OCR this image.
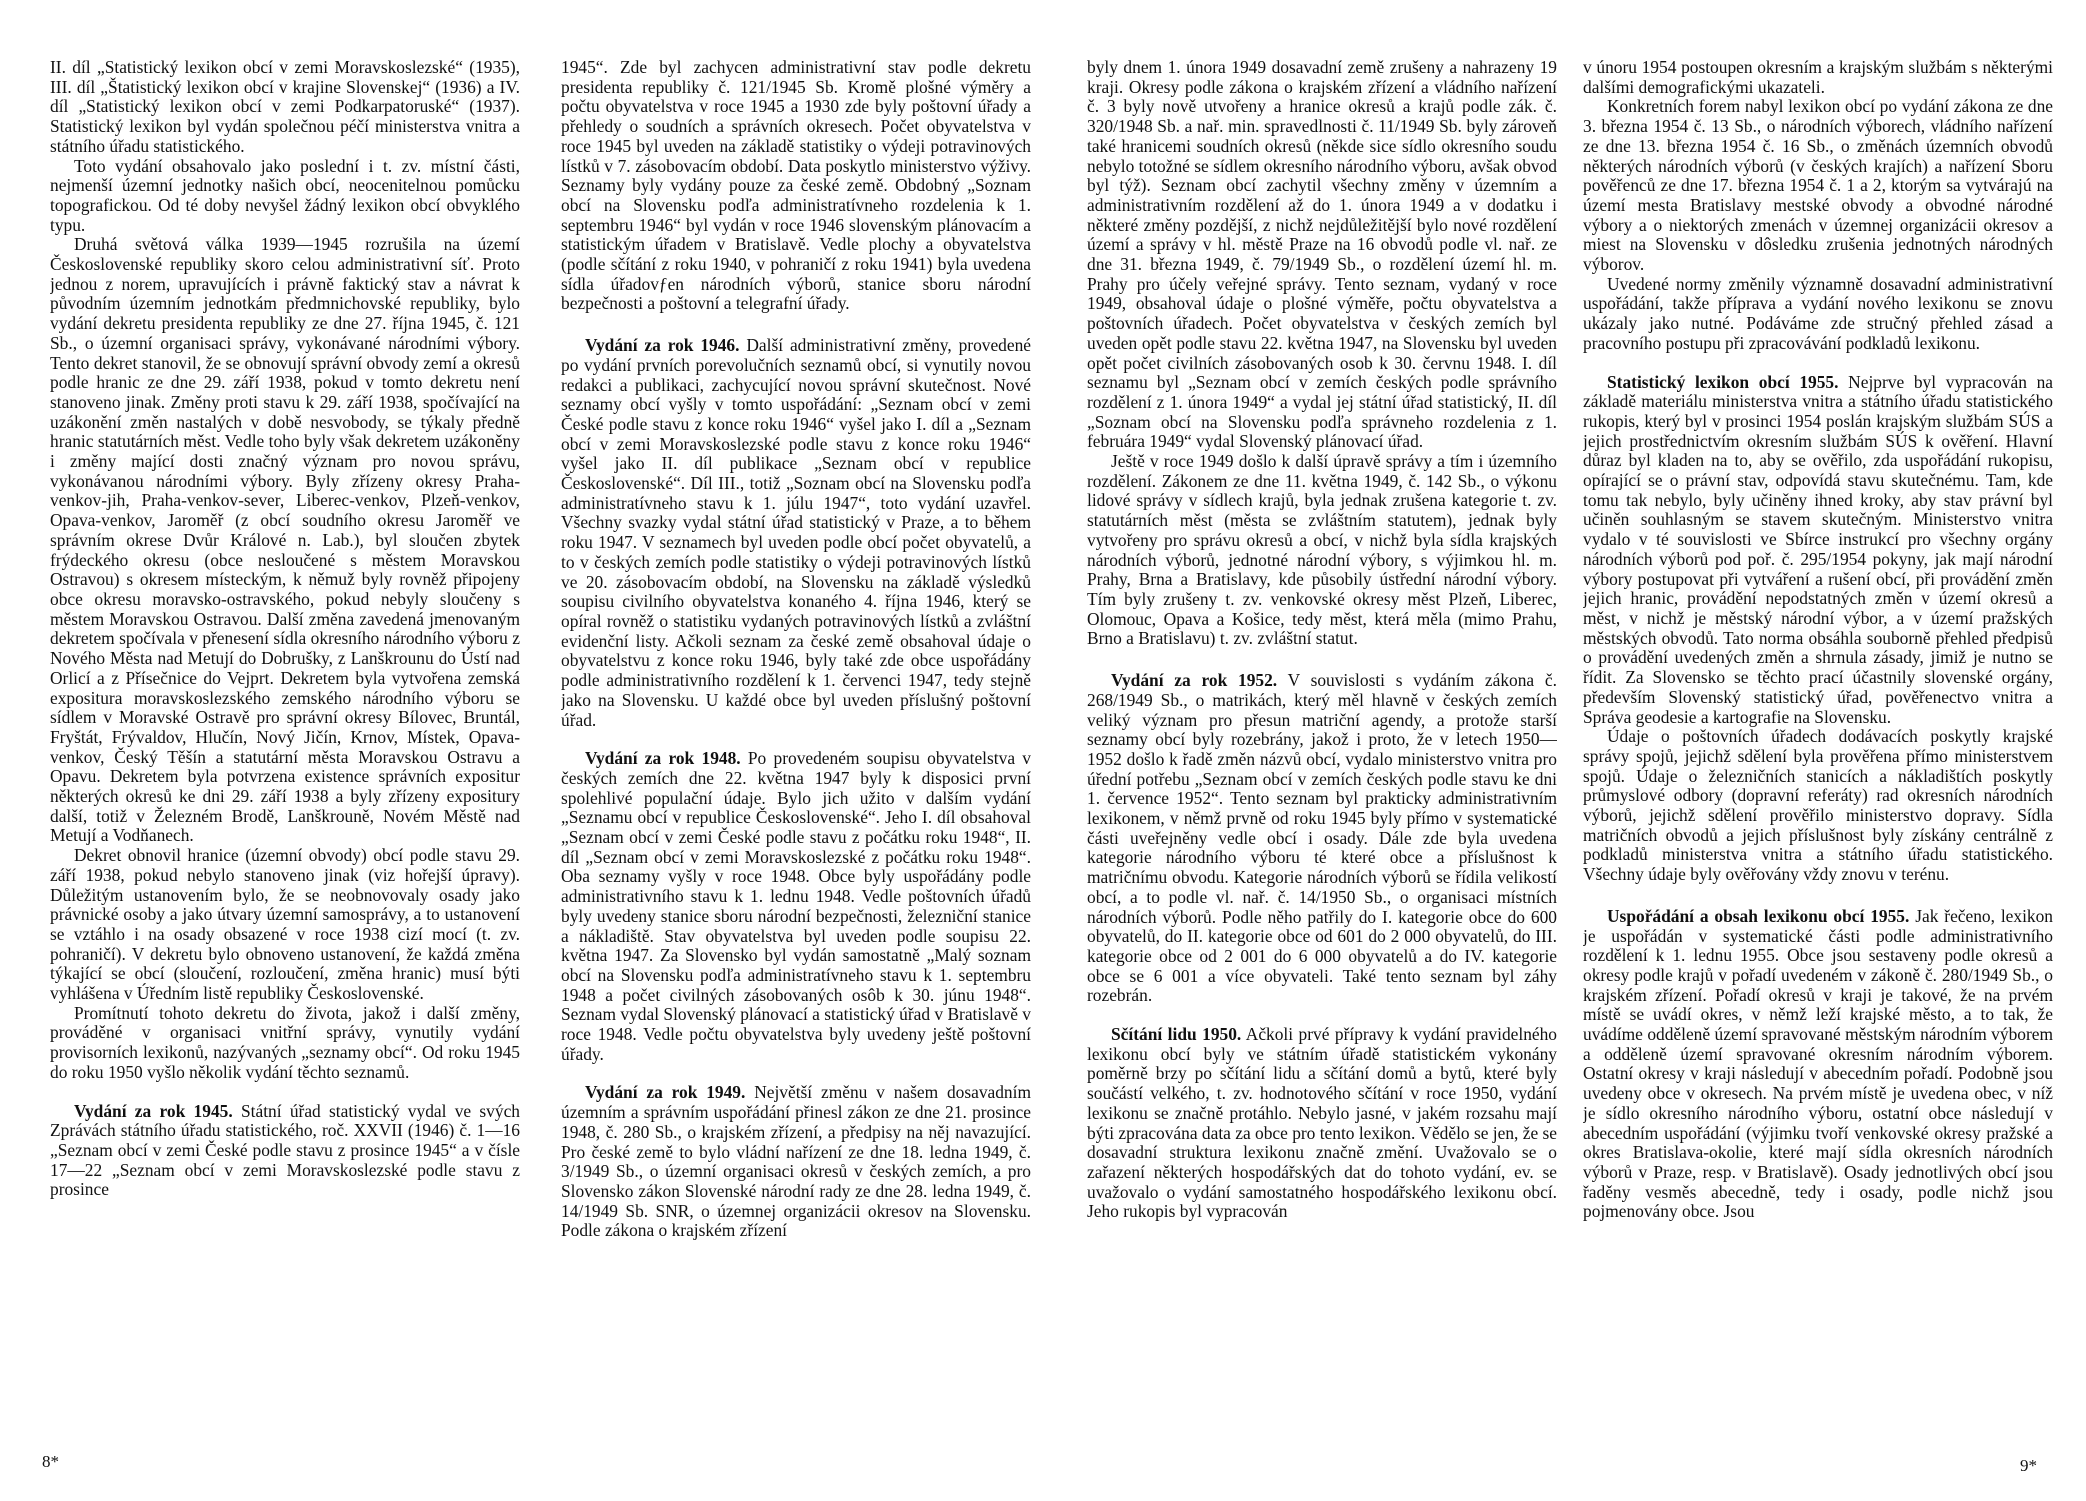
II. díl „Statistický lexikon obcí v zemi Moravskoslezské“ (1935), III. díl „Štatistický lexikon obcí v krajine Slovenskej“ (1936) a IV. díl „Statistický lexikon obcí v zemi Podkarpatoruské“ (1937). Statistický lexikon byl vydán společnou péčí ministerstva vnitra a státního úřadu statistického.

Toto vydání obsahovalo jako poslední i t. zv. místní části, nejmenší územní jednotky našich obcí, neocenitelnou pomůcku topografickou. Od té doby nevyšel žádný lexikon obcí obvyklého typu.

Druhá světová válka 1939—1945 rozrušila na území Československé republiky skoro celou administrativní síť. Proto jednou z norem, upravujících i právně faktický stav a návrat k původním územním jednotkám předmnichovské republiky, bylo vydání dekretu presidenta republiky ze dne 27. října 1945, č. 121 Sb., o územní organisaci správy, vykonávané národními výbory. Tento dekret stanovil, že se obnovují správní obvody zemí a okresů podle hranic ze dne 29. září 1938, pokud v tomto dekretu není stanoveno jinak. Změny proti stavu k 29. září 1938, spočívající na uzákonění změn nastalých v době nesvobody, se týkaly předně hranic statutárních měst. Vedle toho byly však dekretem uzákoněny i změny mající dosti značný význam pro novou správu, vykonávanou národními výbory. Byly zřízeny okresy Praha-venkov-jih, Praha-venkov-sever, Liberec-venkov, Plzeň-venkov, Opava-venkov, Jaroměř (z obcí soudního okresu Jaroměř ve správním okrese Dvůr Králové n. Lab.), byl sloučen zbytek frýdeckého okresu (obce nesloučené s městem Moravskou Ostravou) s okresem místeckým, k němuž byly rovněž připojeny obce okresu moravsko-ostravského, pokud nebyly sloučeny s městem Moravskou Ostravou. Další změna zavedená jmenovaným dekretem spočívala v přenesení sídla okresního národního výboru z Nového Města nad Metují do Dobrušky, z Lanškrounu do Ústí nad Orlicí a z Přísečnice do Vejprt. Dekretem byla vytvořena zemská expositura moravskoslezského zemského národního výboru se sídlem v Moravské Ostravě pro správní okresy Bílovec, Bruntál, Fryštát, Frývaldov, Hlučín, Nový Jičín, Krnov, Místek, Opava-venkov, Český Těšín a statutární města Moravskou Ostravu a Opavu. Dekretem byla potvrzena existence správních expositur některých okresů ke dni 29. září 1938 a byly zřízeny expositury další, totiž v Železném Brodě, Lanškrouně, Novém Městě nad Metují a Vodňanech.

Dekret obnovil hranice (územní obvody) obcí podle stavu 29. září 1938, pokud nebylo stanoveno jinak (viz hořejší úpravy). Důležitým ustanovením bylo, že se neobnovovaly osady jako právnické osoby a jako útvary územní samosprávy, a to ustanovení se vztáhlo i na osady obsazené v roce 1938 cizí mocí (t. zv. pohraničí). V dekretu bylo obnoveno ustanovení, že každá změna týkající se obcí (sloučení, rozloučení, změna hranic) musí býti vyhlášena v Úředním listě republiky Československé.

Promítnutí tohoto dekretu do života, jakož i další změny, prováděné v organisaci vnitřní správy, vynutily vydání provisorních lexikonů, nazývaných „seznamy obcí“. Od roku 1945 do roku 1950 vyšlo několik vydání těchto seznamů.

Vydání za rok 1945. Státní úřad statistický vydal ve svých Zprávách státního úřadu statistického, roč. XXVII (1946) č. 1—16 „Seznam obcí v zemi České podle stavu z prosince 1945“ a v čísle 17—22 „Seznam obcí v zemi Moravskoslezské podle stavu z prosince

1945“. Zde byl zachycen administrativní stav podle dekretu presidenta republiky č. 121/1945 Sb. Kromě plošné výměry a počtu obyvatelstva v roce 1945 a 1930 zde byly poštovní úřady a přehledy o soudních a správních okresech. Počet obyvatelstva v roce 1945 byl uveden na základě statistiky o výdeji potravinových lístků v 7. zásobovacím období. Data poskytlo ministerstvo výživy. Seznamy byly vydány pouze za české země. Obdobný „Soznam obcí na Slovensku podľa administratívneho rozdelenia k 1. septembru 1946“ byl vydán v roce 1946 slovenským plánovacím a statistickým úřadem v Bratislavě. Vedle plochy a obyvatelstva (podle sčítání z roku 1940, v pohraničí z roku 1941) byla uvedena sídla úřadovƒen národních výborů, stanice sboru národní bezpečnosti a poštovní a telegrafní úřady.

Vydání za rok 1946. Další administrativní změny, provedené po vydání prvních porevolučních seznamů obcí, si vynutily novou redakci a publikaci, zachycující novou správní skutečnost. Nové seznamy obcí vyšly v tomto uspořádání: „Seznam obcí v zemi České podle stavu z konce roku 1946“ vyšel jako I. díl a „Seznam obcí v zemi Moravskoslezské podle stavu z konce roku 1946“ vyšel jako II. díl publikace „Seznam obcí v republice Československé“. Díl III., totiž „Soznam obcí na Slovensku podľa administratívneho stavu k 1. júlu 1947“, toto vydání uzavřel. Všechny svazky vydal státní úřad statistický v Praze, a to během roku 1947. V seznamech byl uveden podle obcí počet obyvatelů, a to v českých zemích podle statistiky o výdeji potravinových lístků ve 20. zásobovacím období, na Slovensku na základě výsledků soupisu civilního obyvatelstva konaného 4. října 1946, který se opíral rovněž o statistiku vydaných potravinových lístků a zvláštní evidenční listy. Ačkoli seznam za české země obsahoval údaje o obyvatelstvu z konce roku 1946, byly také zde obce uspořádány podle administrativního rozdělení k 1. červenci 1947, tedy stejně jako na Slovensku. U každé obce byl uveden příslušný poštovní úřad.

Vydání za rok 1948. Po provedeném soupisu obyvatelstva v českých zemích dne 22. května 1947 byly k disposici první spolehlivé populační údaje. Bylo jich užito v dalším vydání „Seznamu obcí v republice Československé“. Jeho I. díl obsahoval „Seznam obcí v zemi České podle stavu z počátku roku 1948“, II. díl „Seznam obcí v zemi Moravskoslezské z počátku roku 1948“. Oba seznamy vyšly v roce 1948. Obce byly uspořádány podle administrativního stavu k 1. lednu 1948. Vedle poštovních úřadů byly uvedeny stanice sboru národní bezpečnosti, železniční stanice a nákladiště. Stav obyvatelstva byl uveden podle soupisu 22. května 1947. Za Slovensko byl vydán samostatně „Malý soznam obcí na Slovensku podľa administratívneho stavu k 1. septembru 1948 a počet civilných zásobovaných osôb k 30. júnu 1948“. Seznam vydal Slovenský plánovací a statistický úřad v Bratislavě v roce 1948. Vedle počtu obyvatelstva byly uvedeny ještě poštovní úřady.

Vydání za rok 1949. Největší změnu v našem dosavadním územním a správním uspořádání přinesl zákon ze dne 21. prosince 1948, č. 280 Sb., o krajském zřízení, a předpisy na něj navazující. Pro české země to bylo vládní nařízení ze dne 18. ledna 1949, č. 3/1949 Sb., o územní organisaci okresů v českých zemích, a pro Slovensko zákon Slovenské národní rady ze dne 28. ledna 1949, č. 14/1949 Sb. SNR, o územnej organizácii okresov na Slovensku. Podle zákona o krajském zřízení

byly dnem 1. února 1949 dosavadní země zrušeny a nahrazeny 19 kraji. Okresy podle zákona o krajském zřízení a vládního nařízení č. 3 byly nově utvořeny a hranice okresů a krajů podle zák. č. 320/1948 Sb. a nař. min. spravedlnosti č. 11/1949 Sb. byly zároveň také hranicemi soudních okresů (někde sice sídlo okresního soudu nebylo totožné se sídlem okresního národního výboru, avšak obvod byl týž). Seznam obcí zachytil všechny změny v územním a administrativním rozdělení až do 1. února 1949 a v dodatku i některé změny pozdější, z nichž nejdůležitější bylo nové rozdělení území a správy v hl. městě Praze na 16 obvodů podle vl. nař. ze dne 31. března 1949, č. 79/1949 Sb., o rozdělení území hl. m. Prahy pro účely veřejné správy. Tento seznam, vydaný v roce 1949, obsahoval údaje o plošné výměře, počtu obyvatelstva a poštovních úřadech. Počet obyvatelstva v českých zemích byl uveden opět podle stavu 22. května 1947, na Slovensku byl uveden opět počet civilních zásobovaných osob k 30. červnu 1948. I. díl seznamu byl „Seznam obcí v zemích českých podle správního rozdělení z 1. února 1949“ a vydal jej státní úřad statistický, II. díl „Soznam obcí na Slovensku podľa správneho rozdelenia z 1. februára 1949“ vydal Slovenský plánovací úřad.

Ještě v roce 1949 došlo k další úpravě správy a tím i územního rozdělení. Zákonem ze dne 11. května 1949, č. 142 Sb., o výkonu lidové správy v sídlech krajů, byla jednak zrušena kategorie t. zv. statutárních měst (města se zvláštním statutem), jednak byly vytvořeny pro správu okresů a obcí, v nichž byla sídla krajských národních výborů, jednotné národní výbory, s výjimkou hl. m. Prahy, Brna a Bratislavy, kde působily ústřední národní výbory. Tím byly zrušeny t. zv. venkovské okresy měst Plzeň, Liberec, Olomouc, Opava a Košice, tedy měst, která měla (mimo Prahu, Brno a Bratislavu) t. zv. zvláštní statut.

Vydání za rok 1952. V souvislosti s vydáním zákona č. 268/1949 Sb., o matrikách, který měl hlavně v českých zemích veliký význam pro přesun matriční agendy, a protože starší seznamy obcí byly rozebrány, jakož i proto, že v letech 1950—1952 došlo k řadě změn názvů obcí, vydalo ministerstvo vnitra pro úřední potřebu „Seznam obcí v zemích českých podle stavu ke dni 1. července 1952“. Tento seznam byl prakticky administrativním lexikonem, v němž prvně od roku 1945 byly přímo v systematické části uveřejněny vedle obcí i osady. Dále zde byla uvedena kategorie národního výboru té které obce a příslušnost k matričnímu obvodu. Kategorie národních výborů se řídila velikostí obcí, a to podle vl. nař. č. 14/1950 Sb., o organisaci místních národních výborů. Podle něho patřily do I. kategorie obce do 600 obyvatelů, do II. kategorie obce od 601 do 2 000 obyvatelů, do III. kategorie obce od 2 001 do 6 000 obyvatelů a do IV. kategorie obce se 6 001 a více obyvateli. Také tento seznam byl záhy rozebrán.

Sčítání lidu 1950. Ačkoli prvé přípravy k vydání pravidelného lexikonu obcí byly ve státním úřadě statistickém vykonány poměrně brzy po sčítání lidu a sčítání domů a bytů, které byly součástí velkého, t. zv. hodnotového sčítání v roce 1950, vydání lexikonu se značně protáhlo. Nebylo jasné, v jakém rozsahu mají býti zpracována data za obce pro tento lexikon. Vědělo se jen, že se dosavadní struktura lexikonu značně změní. Uvažovalo se o zařazení některých hospodářských dat do tohoto vydání, ev. se uvažovalo o vydání samostatného hospodářského lexikonu obcí. Jeho rukopis byl vypracován

v únoru 1954 postoupen okresním a krajským službám s některými dalšími demografickými ukazateli.

Konkretních forem nabyl lexikon obcí po vydání zákona ze dne 3. března 1954 č. 13 Sb., o národních výborech, vládního nařízení ze dne 13. března 1954 č. 16 Sb., o změnách územních obvodů některých národních výborů (v českých krajích) a nařízení Sboru pověřenců ze dne 17. března 1954 č. 1 a 2, ktorým sa vytvárajú na území mesta Bratislavy mestské obvody a obvodné národné výbory a o niektorých zmenách v územnej organizácii okresov a miest na Slovensku v dôsledku zrušenia jednotných národných výborov.

Uvedené normy změnily významně dosavadní administrativní uspořádání, takže příprava a vydání nového lexikonu se znovu ukázaly jako nutné. Podáváme zde stručný přehled zásad a pracovního postupu při zpracovávání podkladů lexikonu.

Statistický lexikon obcí 1955. Nejprve byl vypracován na základě materiálu ministerstva vnitra a státního úřadu statistického rukopis, který byl v prosinci 1954 poslán krajským službám SÚS a jejich prostřednictvím okresním službám SÚS k ověření. Hlavní důraz byl kladen na to, aby se ověřilo, zda uspořádání rukopisu, opírající se o právní stav, odpovídá stavu skutečnému. Tam, kde tomu tak nebylo, byly učiněny ihned kroky, aby stav právní byl učiněn souhlasným se stavem skutečným. Ministerstvo vnitra vydalo v té souvislosti ve Sbírce instrukcí pro všechny orgány národních výborů pod poř. č. 295/1954 pokyny, jak mají národní výbory postupovat při vytváření a rušení obcí, při provádění změn jejich hranic, provádění nepodstatných změn v území okresů a měst, v nichž je městský národní výbor, a v území pražských městských obvodů. Tato norma obsáhla souborně přehled předpisů o provádění uvedených změn a shrnula zásady, jimiž je nutno se řídit. Za Slovensko se těchto prací účastnily slovenské orgány, především Slovenský statistický úřad, pověřenectvo vnitra a Správa geodesie a kartografie na Slovensku.

Údaje o poštovních úřadech dodávacích poskytly krajské správy spojů, jejichž sdělení byla prověřena přímo ministerstvem spojů. Údaje o železničních stanicích a nákladištích poskytly průmyslové odbory (dopravní referáty) rad okresních národních výborů, jejichž sdělení prověřilo ministerstvo dopravy. Sídla matričních obvodů a jejich příslušnost byly získány centrálně z podkladů ministerstva vnitra a státního úřadu statistického. Všechny údaje byly ověřovány vždy znovu v terénu.

Uspořádání a obsah lexikonu obcí 1955. Jak řečeno, lexikon je uspořádán v systematické části podle administrativního rozdělení k 1. lednu 1955. Obce jsou sestaveny podle okresů a okresy podle krajů v pořadí uvedeném v zákoně č. 280/1949 Sb., o krajském zřízení. Pořadí okresů v kraji je takové, že na prvém místě se uvádí okres, v němž leží krajské město, a to tak, že uvádíme odděleně území spravované městským národním výborem a odděleně území spravované okresním národním výborem. Ostatní okresy v kraji následují v abecedním pořadí. Podobně jsou uvedeny obce v okresech. Na prvém místě je uvedena obec, v níž je sídlo okresního národního výboru, ostatní obce následují v abecedním uspořádání (výjimku tvoří venkovské okresy pražské a okres Bratislava-okolie, které mají sídla okresních národních výborů v Praze, resp. v Bratislavě). Osady jednotlivých obcí jsou řaděny vesměs abecedně, tedy i osady, podle nichž jsou pojmenovány obce. Jsou

8*	9*
